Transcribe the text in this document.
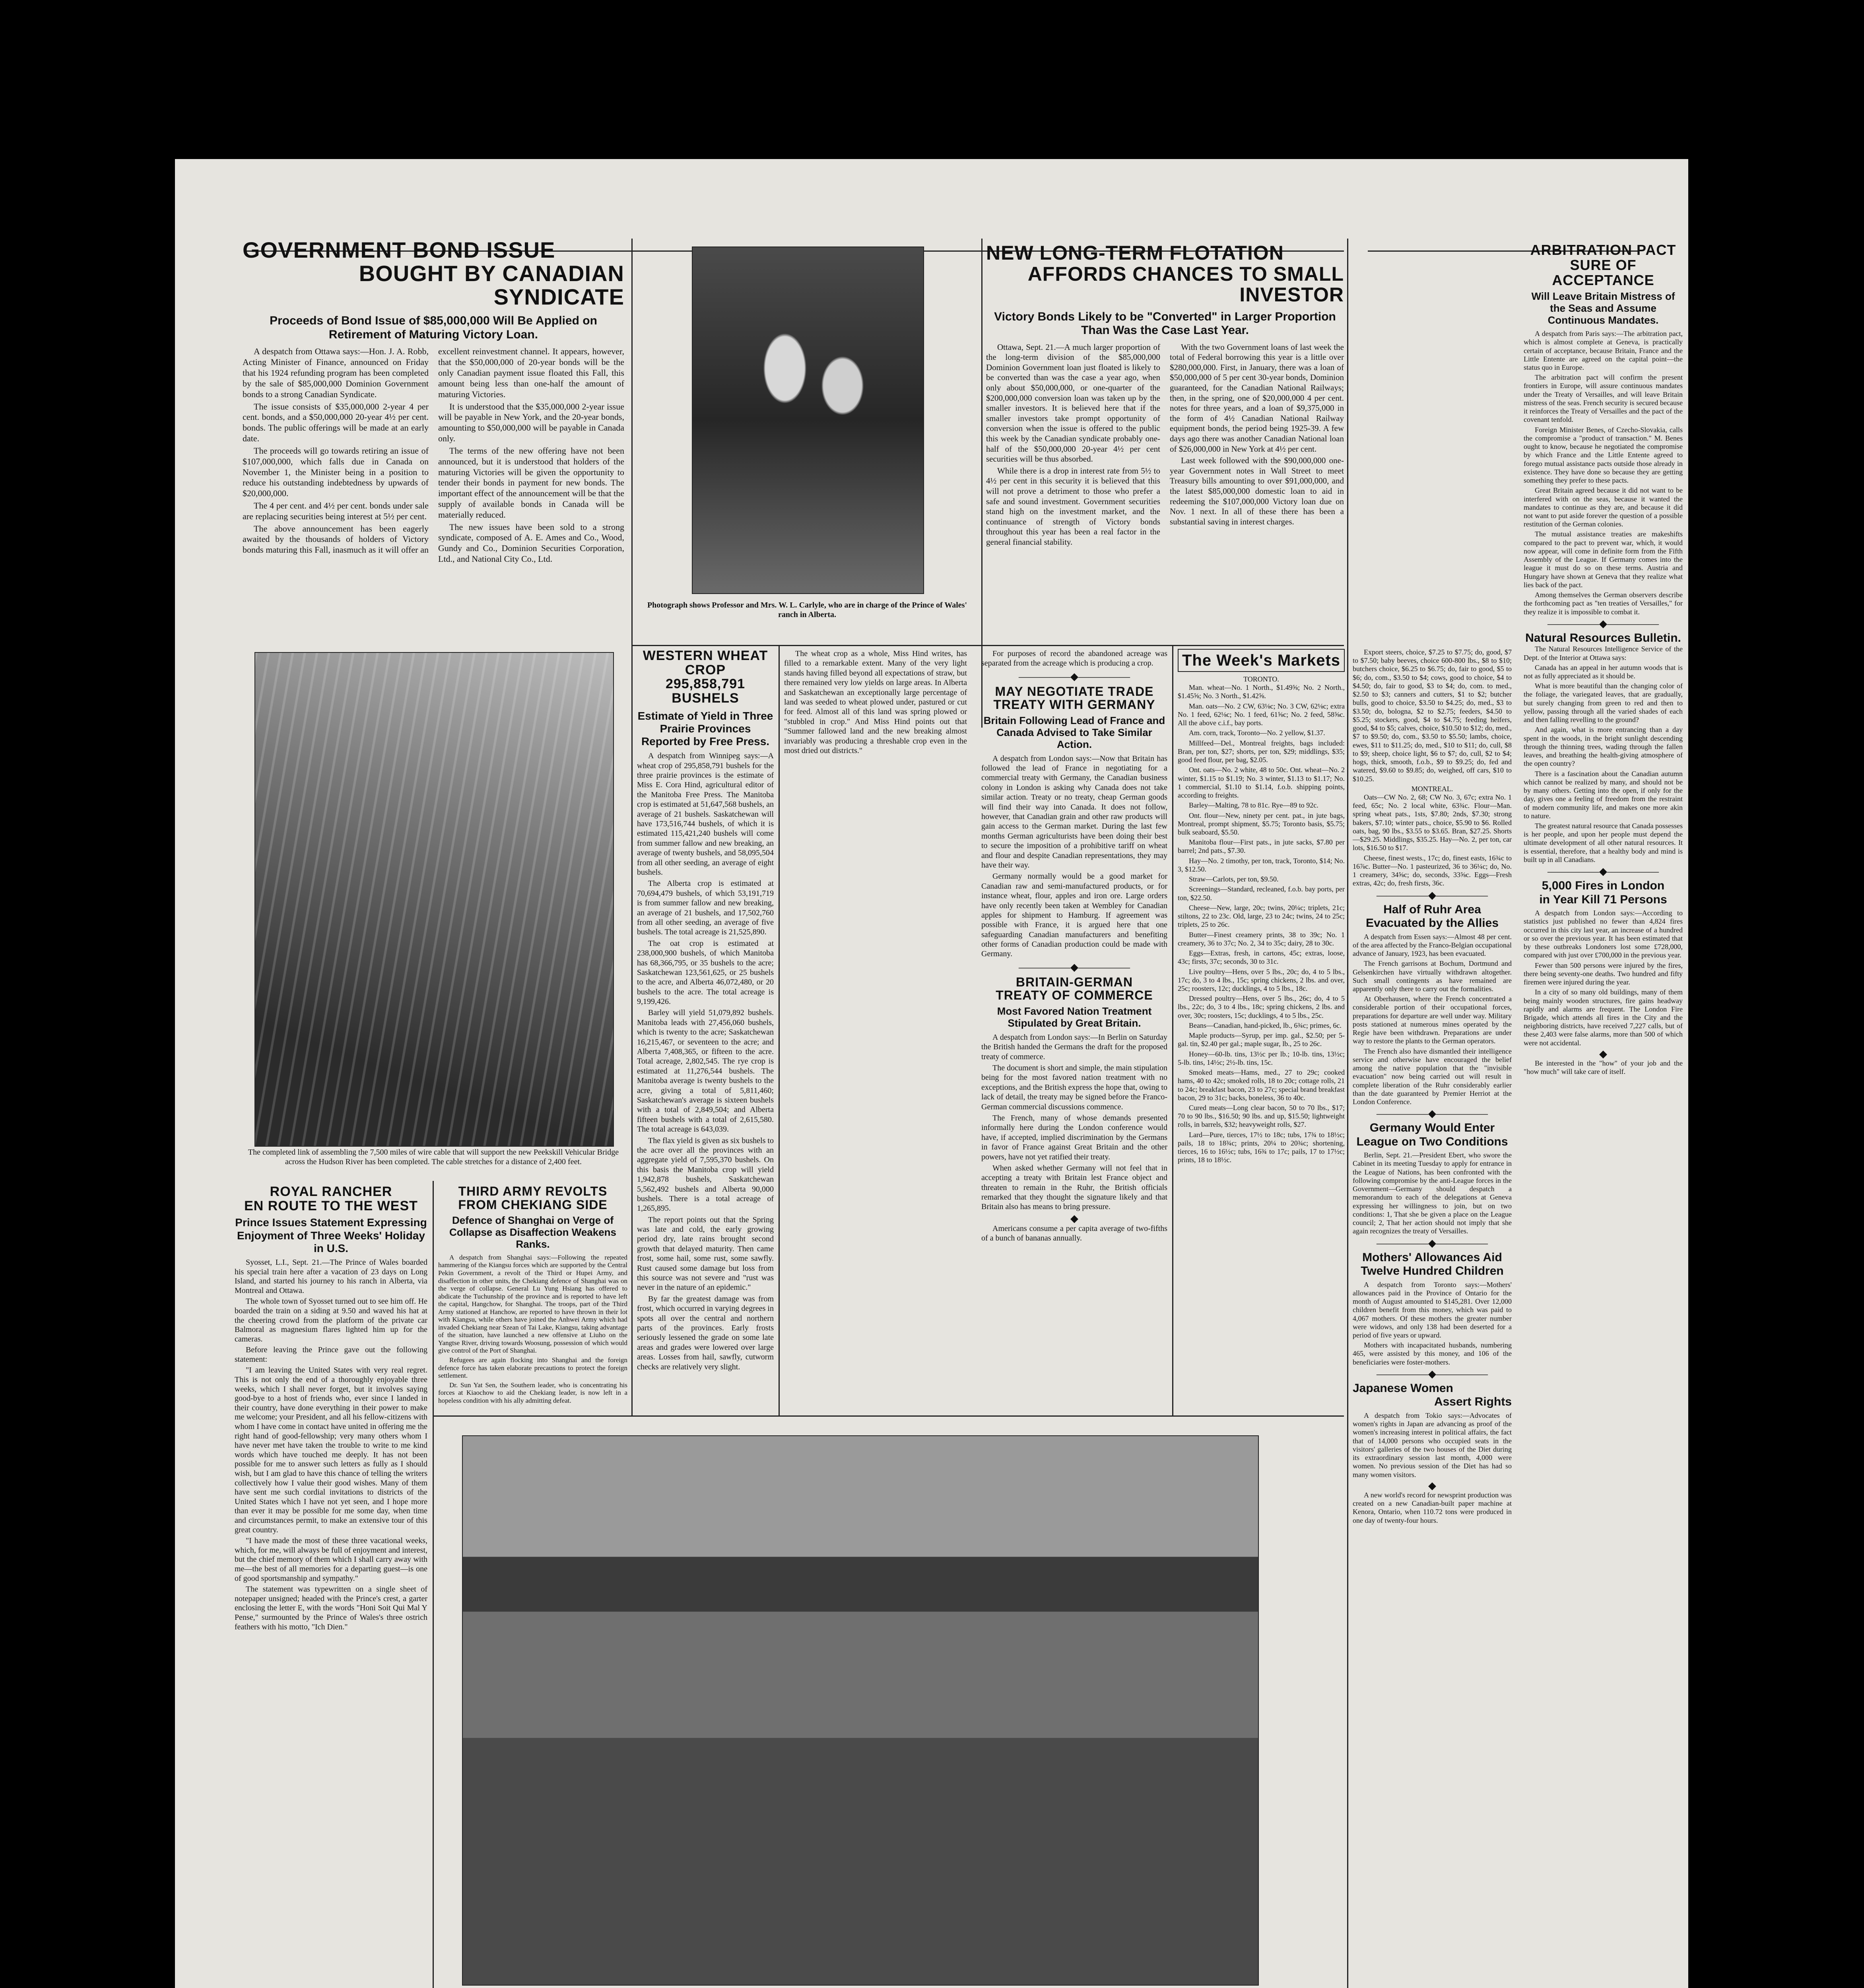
GOVERNMENT BOND ISSUE
BOUGHT BY CANADIAN SYNDICATE
Proceeds of Bond Issue of $85,000,000 Will Be Applied on Retirement of Maturing Victory Loan.

A despatch from Ottawa says:—Hon. J. A. Robb, Acting Minister of Finance, announced on Friday that his 1924 refunding program has been completed by the sale of $85,000,000 Dominion Government bonds to a strong Canadian Syndicate.

The issue consists of $35,000,000 2-year 4 per cent. bonds, and a $50,000,000 20-year 4½ per cent. bonds. The public offerings will be made at an early date.

The proceeds will go towards retiring an issue of $107,000,000, which falls due in Canada on November 1, the Minister being in a position to reduce his outstanding indebtedness by upwards of $20,000,000.

The 4 per cent. and 4½ per cent. bonds under sale are replacing securities being interest at 5½ per cent.

The above announcement has been eagerly awaited by the thousands of holders of Victory bonds maturing this Fall, inasmuch as it will offer an excellent reinvestment channel. It appears, however, that the $50,000,000 of 20-year bonds will be the only Canadian payment issue floated this Fall, this amount being less than one-half the amount of maturing Victories.

It is understood that the $35,000,000 2-year issue will be payable in New York, and the 20-year bonds, amounting to $50,000,000 will be payable in Canada only.

The terms of the new offering have not been announced, but it is understood that holders of the maturing Victories will be given the opportunity to tender their bonds in payment for new bonds. The important effect of the announcement will be that the supply of available bonds in Canada will be materially reduced.

The new issues have been sold to a strong syndicate, composed of A. E. Ames and Co., Wood, Gundy and Co., Dominion Securities Corporation, Ltd., and National City Co., Ltd.

Photograph shows Professor and Mrs. W. L. Carlyle, who are in charge of the Prince of Wales' ranch in Alberta.
The completed link of assembling the 7,500 miles of wire cable that will support the new Peekskill Vehicular Bridge across the Hudson River has been completed. The cable stretches for a distance of 2,400 feet.
WESTERN WHEAT CROP
295,858,791 BUSHELS
Estimate of Yield in Three Prairie Provinces Reported by Free Press.

A despatch from Winnipeg says:—A wheat crop of 295,858,791 bushels for the three prairie provinces is the estimate of Miss E. Cora Hind, agricultural editor of the Manitoba Free Press. The Manitoba crop is estimated at 51,647,568 bushels, an average of 21 bushels. Saskatchewan will have 173,516,744 bushels, of which it is estimated 115,421,240 bushels will come from summer fallow and new breaking, an average of twenty bushels, and 58,095,504 from all other seeding, an average of eight bushels.

The Alberta crop is estimated at 70,694,479 bushels, of which 53,191,719 is from summer fallow and new breaking, an average of 21 bushels, and 17,502,760 from all other seeding, an average of five bushels. The total acreage is 21,525,890.

The oat crop is estimated at 238,000,900 bushels, of which Manitoba has 68,366,795, or 35 bushels to the acre; Saskatchewan 123,561,625, or 25 bushels to the acre, and Alberta 46,072,480, or 20 bushels to the acre. The total acreage is 9,199,426.

Barley will yield 51,079,892 bushels. Manitoba leads with 27,456,060 bushels, which is twenty to the acre; Saskatchewan 16,215,467, or seventeen to the acre; and Alberta 7,408,365, or fifteen to the acre. Total acreage, 2,802,545. The rye crop is estimated at 11,276,544 bushels. The Manitoba average is twenty bushels to the acre, giving a total of 5,811,460; Saskatchewan's average is sixteen bushels with a total of 2,849,504; and Alberta fifteen bushels with a total of 2,615,580. The total acreage is 643,039.

The flax yield is given as six bushels to the acre over all the provinces with an aggregate yield of 7,595,370 bushels. On this basis the Manitoba crop will yield 1,942,878 bushels, Saskatchewan 5,562,492 bushels and Alberta 90,000 bushels. There is a total acreage of 1,265,895.

The report points out that the Spring was late and cold, the early growing period dry, late rains brought second growth that delayed maturity. Then came frost, some hail, some rust, some sawfly. Rust caused some damage but loss from this source was not severe and "rust was never in the nature of an epidemic."

By far the greatest damage was from frost, which occurred in varying degrees in spots all over the central and northern parts of the provinces. Early frosts seriously lessened the grade on some late areas and grades were lowered over large areas. Losses from hail, sawfly, cutworm checks are relatively very slight.

The wheat crop as a whole, Miss Hind writes, has filled to a remarkable extent. Many of the very light stands having filled beyond all expectations of straw, but there remained very low yields on large areas. In Alberta and Saskatchewan an exceptionally large percentage of land was seeded to wheat plowed under, pastured or cut for feed. Almost all of this land was spring plowed or "stubbled in crop." And Miss Hind points out that "Summer fallowed land and the new breaking almost invariably was producing a threshable crop even in the most dried out districts."

For purposes of record the abandoned acreage was separated from the acreage which is producing a crop.

—————◆—————
MAY NEGOTIATE TRADE
TREATY WITH GERMANY
Britain Following Lead of France and Canada Advised to Take Similar Action.

A despatch from London says:—Now that Britain has followed the lead of France in negotiating for a commercial treaty with Germany, the Canadian business colony in London is asking why Canada does not take similar action. Treaty or no treaty, cheap German goods will find their way into Canada. It does not follow, however, that Canadian grain and other raw products will gain access to the German market. During the last few months German agriculturists have been doing their best to secure the imposition of a prohibitive tariff on wheat and flour and despite Canadian representations, they may have their way.

Germany normally would be a good market for Canadian raw and semi-manufactured products, or for instance wheat, flour, apples and iron ore. Large orders have only recently been taken at Wembley for Canadian apples for shipment to Hamburg. If agreement was possible with France, it is argued here that one safeguarding Canadian manufacturers and benefiting other forms of Canadian production could be made with Germany.

—————◆—————
BRITAIN-GERMAN
TREATY OF COMMERCE
Most Favored Nation Treatment Stipulated by Great Britain.

A despatch from London says:—In Berlin on Saturday the British handed the Germans the draft for the proposed treaty of commerce.

The document is short and simple, the main stipulation being for the most favored nation treatment with no exceptions, and the British express the hope that, owing to lack of detail, the treaty may be signed before the Franco-German commercial discussions commence.

The French, many of whose demands presented informally here during the London conference would have, if accepted, implied discrimination by the Germans in favor of France against Great Britain and the other powers, have not yet ratified their treaty.

When asked whether Germany will not feel that in accepting a treaty with Britain lest France object and threaten to remain in the Ruhr, the British officials remarked that they thought the signature likely and that Britain also has means to bring pressure.

◆

Americans consume a per capita average of two-fifths of a bunch of bananas annually.

NEW LONG-TERM FLOTATION
AFFORDS CHANCES TO SMALL INVESTOR
Victory Bonds Likely to be "Converted" in Larger Proportion Than Was the Case Last Year.

Ottawa, Sept. 21.—A much larger proportion of the long-term division of the $85,000,000 Dominion Government loan just floated is likely to be converted than was the case a year ago, when only about $50,000,000, or one-quarter of the $200,000,000 conversion loan was taken up by the smaller investors. It is believed here that if the smaller investors take prompt opportunity of conversion when the issue is offered to the public this week by the Canadian syndicate probably one-half of the $50,000,000 20-year 4½ per cent securities will be thus absorbed.

While there is a drop in interest rate from 5½ to 4½ per cent in this security it is believed that this will not prove a detriment to those who prefer a safe and sound investment. Government securities stand high on the investment market, and the continuance of strength of Victory bonds throughout this year has been a real factor in the general financial stability.

With the two Government loans of last week the total of Federal borrowing this year is a little over $280,000,000. First, in January, there was a loan of $50,000,000 of 5 per cent 30-year bonds, Dominion guaranteed, for the Canadian National Railways; then, in the spring, one of $20,000,000 4 per cent. notes for three years, and a loan of $9,375,000 in the form of 4½ Canadian National Railway equipment bonds, the period being 1925-39. A few days ago there was another Canadian National loan of $26,000,000 in New York at 4½ per cent.

Last week followed with the $90,000,000 one-year Government notes in Wall Street to meet Treasury bills amounting to over $91,000,000, and the latest $85,000,000 domestic loan to aid in redeeming the $107,000,000 Victory loan due on Nov. 1 next. In all of these there has been a substantial saving in interest charges.

The Week's Markets
TORONTO.

Man. wheat—No. 1 North., $1.49⅝; No. 2 North., $1.45⅝; No. 3 North., $1.42⅝.

Man. oats—No. 2 CW, 63⅛c; No. 3 CW, 62⅛c; extra No. 1 feed, 62⅛c; No. 1 feed, 61⅝c; No. 2 feed, 58⅝c. All the above c.i.f., bay ports.

Am. corn, track, Toronto—No. 2 yellow, $1.37.

Millfeed—Del., Montreal freights, bags included: Bran, per ton, $27; shorts, per ton, $29; middlings, $35; good feed flour, per bag, $2.05.

Ont. oats—No. 2 white, 48 to 50c. Ont. wheat—No. 2 winter, $1.15 to $1.19; No. 3 winter, $1.13 to $1.17; No. 1 commercial, $1.10 to $1.14, f.o.b. shipping points, according to freights.

Barley—Malting, 78 to 81c. Rye—89 to 92c.

Ont. flour—New, ninety per cent. pat., in jute bags, Montreal, prompt shipment, $5.75; Toronto basis, $5.75; bulk seaboard, $5.50.

Manitoba flour—First pats., in jute sacks, $7.80 per barrel; 2nd pats., $7.30.

Hay—No. 2 timothy, per ton, track, Toronto, $14; No. 3, $12.50.

Straw—Carlots, per ton, $9.50.

Screenings—Standard, recleaned, f.o.b. bay ports, per ton, $22.50.

Cheese—New, large, 20c; twins, 20¼c; triplets, 21c; stiltons, 22 to 23c. Old, large, 23 to 24c; twins, 24 to 25c; triplets, 25 to 26c.

Butter—Finest creamery prints, 38 to 39c; No. 1 creamery, 36 to 37c; No. 2, 34 to 35c; dairy, 28 to 30c.

Eggs—Extras, fresh, in cartons, 45c; extras, loose, 43c; firsts, 37c; seconds, 30 to 31c.

Live poultry—Hens, over 5 lbs., 20c; do, 4 to 5 lbs., 17c; do, 3 to 4 lbs., 15c; spring chickens, 2 lbs. and over, 25c; roosters, 12c; ducklings, 4 to 5 lbs., 18c.

Dressed poultry—Hens, over 5 lbs., 26c; do, 4 to 5 lbs., 22c; do, 3 to 4 lbs., 18c; spring chickens, 2 lbs. and over, 30c; roosters, 15c; ducklings, 4 to 5 lbs., 25c.

Beans—Canadian, hand-picked, lb., 6¾c; primes, 6c.

Maple products—Syrup, per imp. gal., $2.50; per 5-gal. tin, $2.40 per gal.; maple sugar, lb., 25 to 26c.

Honey—60-lb. tins, 13½c per lb.; 10-lb. tins, 13½c; 5-lb. tins, 14½c; 2½-lb. tins, 15c.

Smoked meats—Hams, med., 27 to 29c; cooked hams, 40 to 42c; smoked rolls, 18 to 20c; cottage rolls, 21 to 24c; breakfast bacon, 23 to 27c; special brand breakfast bacon, 29 to 31c; backs, boneless, 36 to 40c.

Cured meats—Long clear bacon, 50 to 70 lbs., $17; 70 to 90 lbs., $16.50; 90 lbs. and up, $15.50; lightweight rolls, in barrels, $32; heavyweight rolls, $27.

Lard—Pure, tierces, 17½ to 18c; tubs, 17¾ to 18½c; pails, 18 to 18¾c; prints, 20¼ to 20¾c; shortening, tierces, 16 to 16½c; tubs, 16¾ to 17c; pails, 17 to 17½c; prints, 18 to 18½c.

Export steers, choice, $7.25 to $7.75; do, good, $7 to $7.50; baby beeves, choice 600-800 lbs., $8 to $10; butchers choice, $6.25 to $6.75; do, fair to good, $5 to $6; do, com., $3.50 to $4; cows, good to choice, $4 to $4.50; do, fair to good, $3 to $4; do, com. to med., $2.50 to $3; canners and cutters, $1 to $2; butcher bulls, good to choice, $3.50 to $4.25; do, med., $3 to $3.50; do, bologna, $2 to $2.75; feeders, $4.50 to $5.25; stockers, good, $4 to $4.75; feeding heifers, good, $4 to $5; calves, choice, $10.50 to $12; do, med., $7 to $9.50; do, com., $3.50 to $5.50; lambs, choice, ewes, $11 to $11.25; do, med., $10 to $11; do, cull, $8 to $9; sheep, choice light, $6 to $7; do, cull, $2 to $4; hogs, thick, smooth, f.o.b., $9 to $9.25; do, fed and watered, $9.60 to $9.85; do, weighed, off cars, $10 to $10.25.

MONTREAL.

Oats—CW No. 2, 68; CW No. 3, 67c; extra No. 1 feed, 65c; No. 2 local white, 63¾c. Flour—Man. spring wheat pats., 1sts, $7.80; 2nds, $7.30; strong bakers, $7.10; winter pats., choice, $5.90 to $6. Rolled oats, bag, 90 lbs., $3.55 to $3.65. Bran, $27.25. Shorts—$29.25. Middlings, $35.25. Hay—No. 2, per ton, car lots, $16.50 to $17.

Cheese, finest wests., 17c; do, finest easts, 16¾c to 16⅞c. Butter—No. 1 pasteurized, 36 to 36¼c; do, No. 1 creamery, 34⅝c; do, seconds, 33⅝c. Eggs—Fresh extras, 42c; do, fresh firsts, 36c.

—————◆—————
Half of Ruhr Area
Evacuated by the Allies

A despatch from Essen says:—Almost 48 per cent. of the area affected by the Franco-Belgian occupational advance of January, 1923, has been evacuated.

The French garrisons at Bochum, Dortmund and Gelsenkirchen have virtually withdrawn altogether. Such small contingents as have remained are apparently only there to carry out the formalities.

At Oberhausen, where the French concentrated a considerable portion of their occupational forces, preparations for departure are well under way. Military posts stationed at numerous mines operated by the Regie have been withdrawn. Preparations are under way to restore the plants to the German operators.

The French also have dismantled their intelligence service and otherwise have encouraged the belief among the native population that the "invisible evacuation" now being carried out will result in complete liberation of the Ruhr considerably earlier than the date guaranteed by Premier Herriot at the London Conference.

—————◆—————
Germany Would Enter
League on Two Conditions

Berlin, Sept. 21.—President Ebert, who swore the Cabinet in its meeting Tuesday to apply for entrance in the League of Nations, has been confronted with the following compromise by the anti-League forces in the Government—Germany should despatch a memorandum to each of the delegations at Geneva expressing her willingness to join, but on two conditions: 1, That she be given a place on the League council; 2, That her action should not imply that she again recognizes the treaty of Versailles.

—————◆—————
Mothers' Allowances Aid
Twelve Hundred Children

A despatch from Toronto says:—Mothers' allowances paid in the Province of Ontario for the month of August amounted to $145,281. Over 12,000 children benefit from this money, which was paid to 4,067 mothers. Of these mothers the greater number were widows, and only 138 had been deserted for a period of five years or upward.

Mothers with incapacitated husbands, numbering 465, were assisted by this money, and 106 of the beneficiaries were foster-mothers.

—————◆—————
Japanese Women
Assert Rights

A despatch from Tokio says:—Advocates of women's rights in Japan are advancing as proof of the women's increasing interest in political affairs, the fact that of 14,000 persons who occupied seats in the visitors' galleries of the two houses of the Diet during its extraordinary session last month, 4,000 were women. No previous session of the Diet has had so many women visitors.

◆

A new world's record for newsprint production was created on a new Canadian-built paper machine at Kenora, Ontario, when 110.72 tons were produced in one day of twenty-four hours.

ARBITRATION PACT
SURE OF ACCEPTANCE
Will Leave Britain Mistress of the Seas and Assume Continuous Mandates.

A despatch from Paris says:—The arbitration pact, which is almost complete at Geneva, is practically certain of acceptance, because Britain, France and the Little Entente are agreed on the capital point—the status quo in Europe.

The arbitration pact will confirm the present frontiers in Europe, will assure continuous mandates under the Treaty of Versailles, and will leave Britain mistress of the seas. French security is secured because it reinforces the Treaty of Versailles and the pact of the covenant tenfold.

Foreign Minister Benes, of Czecho-Slovakia, calls the compromise a "product of transaction." M. Benes ought to know, because he negotiated the compromise by which France and the Little Entente agreed to forego mutual assistance pacts outside those already in existence. They have done so because they are getting something they prefer to these pacts.

Great Britain agreed because it did not want to be interfered with on the seas, because it wanted the mandates to continue as they are, and because it did not want to put aside forever the question of a possible restitution of the German colonies.

The mutual assistance treaties are makeshifts compared to the pact to prevent war, which, it would now appear, will come in definite form from the Fifth Assembly of the League. If Germany comes into the league it must do so on these terms. Austria and Hungary have shown at Geneva that they realize what lies back of the pact.

Among themselves the German observers describe the forthcoming pact as "ten treaties of Versailles," for they realize it is impossible to combat it.

—————◆—————
Natural Resources Bulletin.

The Natural Resources Intelligence Service of the Dept. of the Interior at Ottawa says:

Canada has an appeal in her autumn woods that is not as fully appreciated as it should be.

What is more beautiful than the changing color of the foliage, the variegated leaves, that are gradually, but surely changing from green to red and then to yellow, passing through all the varied shades of each and then falling revelling to the ground?

And again, what is more entrancing than a day spent in the woods, in the bright sunlight descending through the thinning trees, wading through the fallen leaves, and breathing the health-giving atmosphere of the open country?

There is a fascination about the Canadian autumn which cannot be realized by many, and should not be by many others. Getting into the open, if only for the day, gives one a feeling of freedom from the restraint of modern community life, and makes one more akin to nature.

The greatest natural resource that Canada possesses is her people, and upon her people must depend the ultimate development of all other natural resources. It is essential, therefore, that a healthy body and mind is built up in all Canadians.

—————◆—————
5,000 Fires in London
in Year Kill 71 Persons

A despatch from London says:—According to statistics just published no fewer than 4,824 fires occurred in this city last year, an increase of a hundred or so over the previous year. It has been estimated that by these outbreaks Londoners lost some £728,000, compared with just over £700,000 in the previous year.

Fewer than 500 persons were injured by the fires, there being seventy-one deaths. Two hundred and fifty firemen were injured during the year.

In a city of so many old buildings, many of them being mainly wooden structures, fire gains headway rapidly and alarms are frequent. The London Fire Brigade, which attends all fires in the City and the neighboring districts, have received 7,227 calls, but of these 2,403 were false alarms, more than 500 of which were not accidental.

◆

Be interested in the "how" of your job and the "how much" will take care of itself.

ROYAL RANCHER
EN ROUTE TO THE WEST
Prince Issues Statement Expressing Enjoyment of Three Weeks' Holiday in U.S.

Syosset, L.I., Sept. 21.—The Prince of Wales boarded his special train here after a vacation of 23 days on Long Island, and started his journey to his ranch in Alberta, via Montreal and Ottawa.

The whole town of Syosset turned out to see him off. He boarded the train on a siding at 9.50 and waved his hat at the cheering crowd from the platform of the private car Balmoral as magnesium flares lighted him up for the cameras.

Before leaving the Prince gave out the following statement:

"I am leaving the United States with very real regret. This is not only the end of a thoroughly enjoyable three weeks, which I shall never forget, but it involves saying good-bye to a host of friends who, ever since I landed in their country, have done everything in their power to make me welcome; your President, and all his fellow-citizens with whom I have come in contact have united in offering me the right hand of good-fellowship; very many others whom I have never met have taken the trouble to write to me kind words which have touched me deeply. It has not been possible for me to answer such letters as fully as I should wish, but I am glad to have this chance of telling the writers collectively how I value their good wishes. Many of them have sent me such cordial invitations to districts of the United States which I have not yet seen, and I hope more than ever it may be possible for me some day, when time and circumstances permit, to make an extensive tour of this great country.

"I have made the most of these three vacational weeks, which, for me, will always be full of enjoyment and interest, but the chief memory of them which I shall carry away with me—the best of all memories for a departing guest—is one of good sportsmanship and sympathy."

The statement was typewritten on a single sheet of notepaper unsigned; headed with the Prince's crest, a garter enclosing the letter E, with the words "Honi Soit Qui Mal Y Pense," surmounted by the Prince of Wales's three ostrich feathers with his motto, "Ich Dien."

THIRD ARMY REVOLTS
FROM CHEKIANG SIDE
Defence of Shanghai on Verge of Collapse as Disaffection Weakens Ranks.

A despatch from Shanghai says:—Following the repeated hammering of the Kiangsu forces which are supported by the Central Pekin Government, a revolt of the Third or Hupei Army, and disaffection in other units, the Chekiang defence of Shanghai was on the verge of collapse. General Lu Yung Hsiang has offered to abdicate the Tuchunship of the province and is reported to have left the capital, Hangchow, for Shanghai. The troops, part of the Third Army stationed at Hanchow, are reported to have thrown in their lot with Kiangsu, while others have joined the Anhwei Army which had invaded Chekiang near Szean of Tai Lake, Kiangsu, taking advantage of the situation, have launched a new offensive at Liuho on the Yangtse River, driving towards Woosung, possession of which would give control of the Port of Shanghai.

Refugees are again flocking into Shanghai and the foreign defence force has taken elaborate precautions to protect the foreign settlement.

Dr. Sun Yat Sen, the Southern leader, who is concentrating his forces at Kiaochow to aid the Chekiang leader, is now left in a hopeless condition with his ally admitting defeat.
